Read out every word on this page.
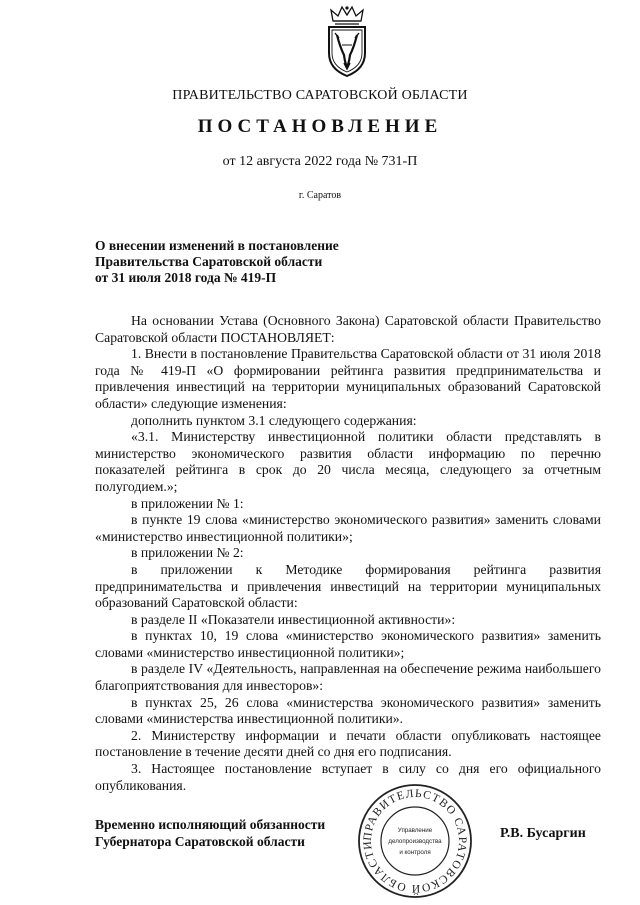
ПРАВИТЕЛЬСТВО САРАТОВСКОЙ ОБЛАСТИ
ПОСТАНОВЛЕНИЕ
от 12 августа 2022 года № 731-П
г. Саратов
О внесении изменений в постановление
Правительства Саратовской области
от 31 июля 2018 года № 419-П

На основании Устава (Основного Закона) Саратовской области Правительство Саратовской области ПОСТАНОВЛЯЕТ:

1. Внести в постановление Правительства Саратовской области от 31 июля 2018 года № 419-П «О формировании рейтинга развития предпринимательства и привлечения инвестиций на территории муниципальных образований Саратовской области» следующие изменения:

дополнить пунктом 3.1 следующего содержания:

«3.1. Министерству инвестиционной политики области представлять в министерство экономического развития области информацию по перечню показателей рейтинга в срок до 20 числа месяца, следующего за отчетным полугодием.»;

в приложении № 1:

в пункте 19 слова «министерство экономического развития» заменить словами «министерство инвестиционной политики»;

в приложении № 2:

в приложении к Методике формирования рейтинга развития предпринимательства и привлечения инвестиций на территории муниципальных образований Саратовской области:

в разделе II «Показатели инвестиционной активности»:

в пунктах 10, 19 слова «министерство экономического развития» заменить словами «министерство инвестиционной политики»;

в разделе IV «Деятельность, направленная на обеспечение режима наибольшего благоприятствования для инвесторов»:

в пунктах 25, 26 слова «министерства экономического развития» заменить словами «министерства инвестиционной политики».

2. Министерству информации и печати области опубликовать настоящее постановление в течение десяти дней со дня его подписания.

3. Настоящее постановление вступает в силу со дня его официального опубликования.

Временно исполняющий обязанности
Губернатора Саратовской области	ПРАВИТЕЛЬСТВО САРАТОВСКОЙ ОБЛАСТИ
Управление
делопроизводства
и контроля
Р.В. Бусаргин
